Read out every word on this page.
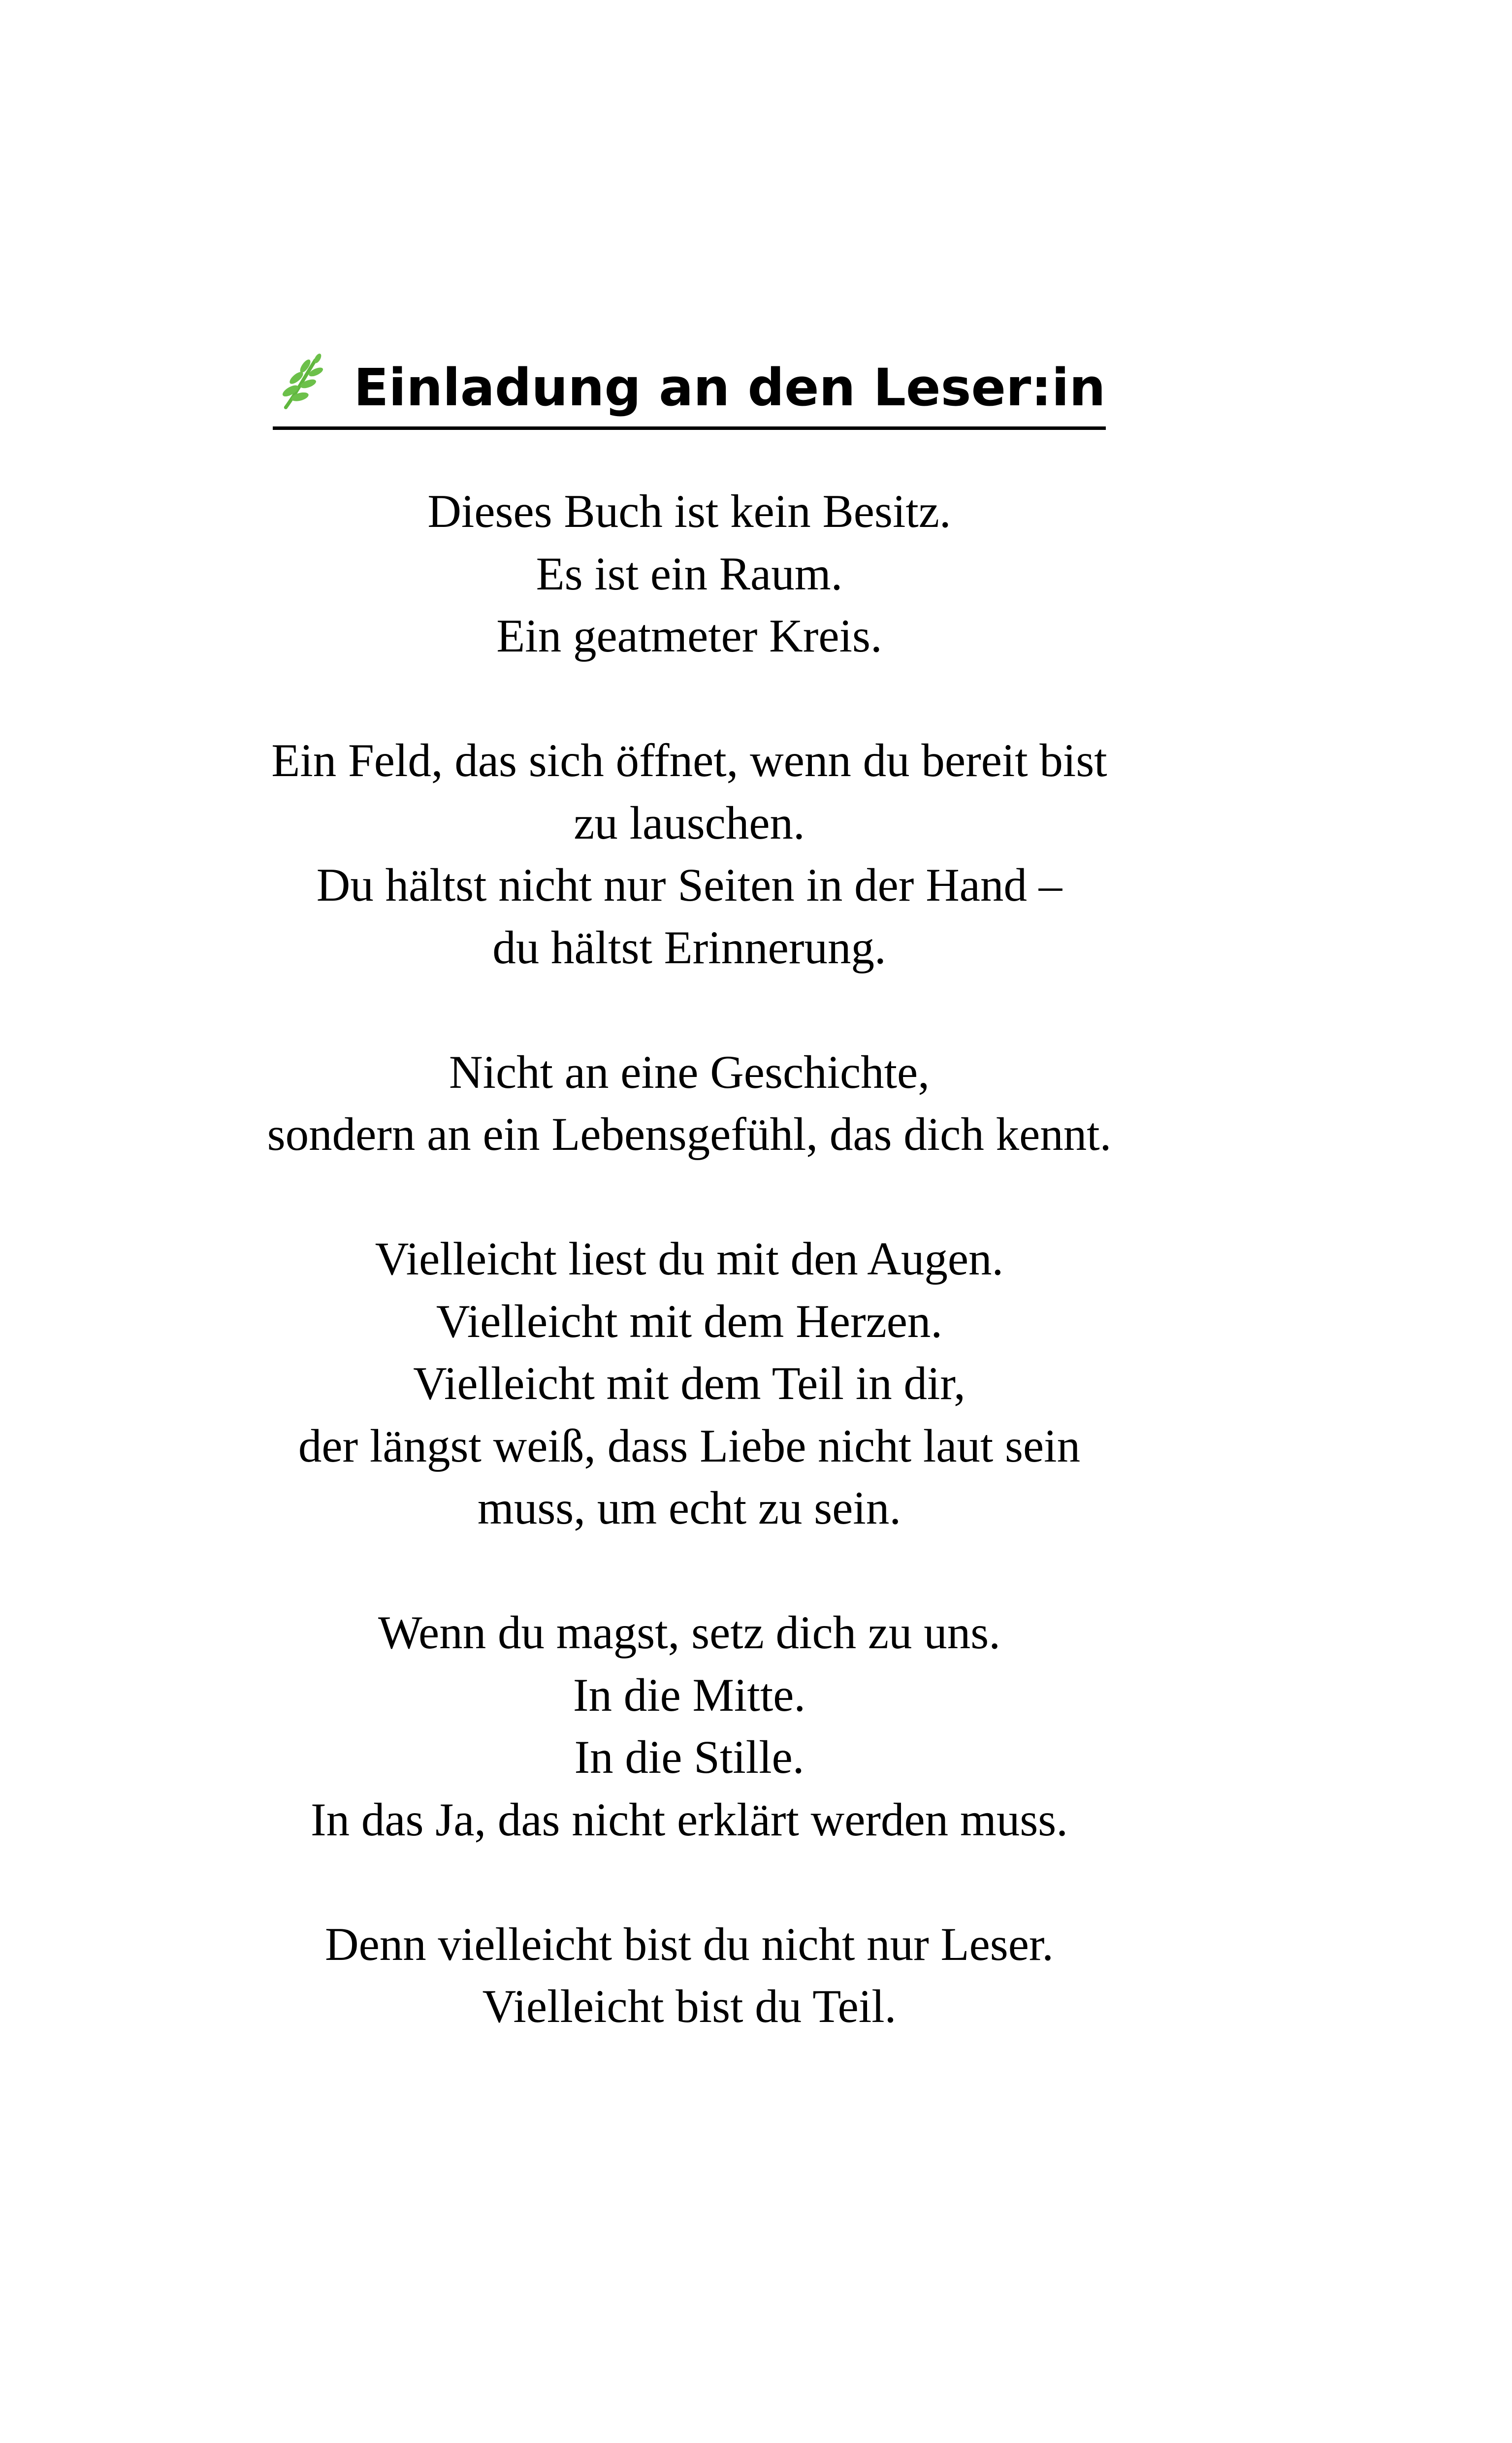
Einladung an den Leser:in
Dieses Buch ist kein Besitz.
Es ist ein Raum.
Ein geatmeter Kreis.
Ein Feld, das sich öffnet, wenn du bereit bist
zu lauschen.
Du hältst nicht nur Seiten in der Hand –
du hältst Erinnerung.
Nicht an eine Geschichte,
sondern an ein Lebensgefühl, das dich kennt.
Vielleicht liest du mit den Augen.
Vielleicht mit dem Herzen.
Vielleicht mit dem Teil in dir,
der längst weiß, dass Liebe nicht laut sein
muss, um echt zu sein.
Wenn du magst, setz dich zu uns.
In die Mitte.
In die Stille.
In das Ja, das nicht erklärt werden muss.
Denn vielleicht bist du nicht nur Leser.
Vielleicht bist du Teil.
